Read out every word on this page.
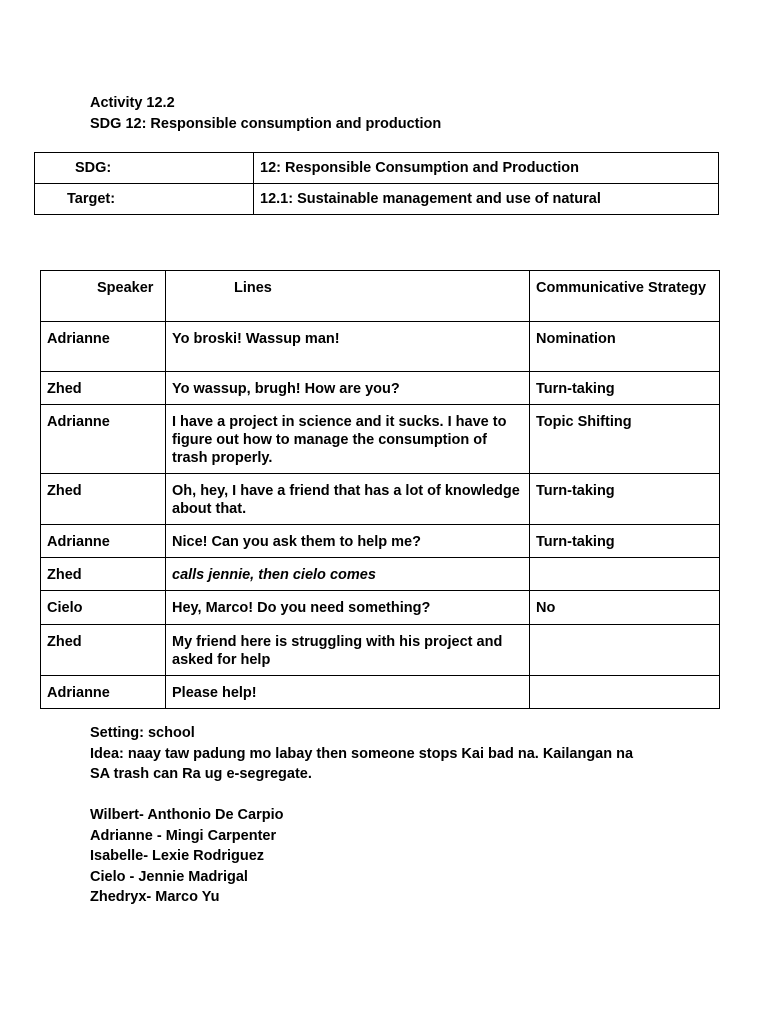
Activity 12.2
SDG 12: Responsible consumption and production
SDG:	12: Responsible Consumption and Production
Target:	12.1: Sustainable management and use of natural
Speaker	Lines	Communicative Strategy
Adrianne	Yo broski! Wassup man!	Nomination
Zhed	Yo wassup, brugh! How are you?	Turn-taking
Adrianne	I have a project in science and it sucks. I have to figure out how to manage the consumption of trash properly.	Topic Shifting
Zhed	Oh, hey, I have a friend that has a lot of knowledge about that.	Turn-taking
Adrianne	Nice! Can you ask them to help me?	Turn-taking
Zhed	calls jennie, then cielo comes	
Cielo	Hey, Marco! Do you need something?	No
Zhed	My friend here is struggling with his project and asked for help	
Adrianne	Please help!	
Setting: school
Idea: naay taw padung mo labay then someone stops Kai bad na. Kailangan na
SA trash can Ra ug e-segregate.
Wilbert- Anthonio De Carpio
Adrianne - Mingi Carpenter
Isabelle- Lexie Rodriguez
Cielo - Jennie Madrigal
Zhedryx- Marco Yu
